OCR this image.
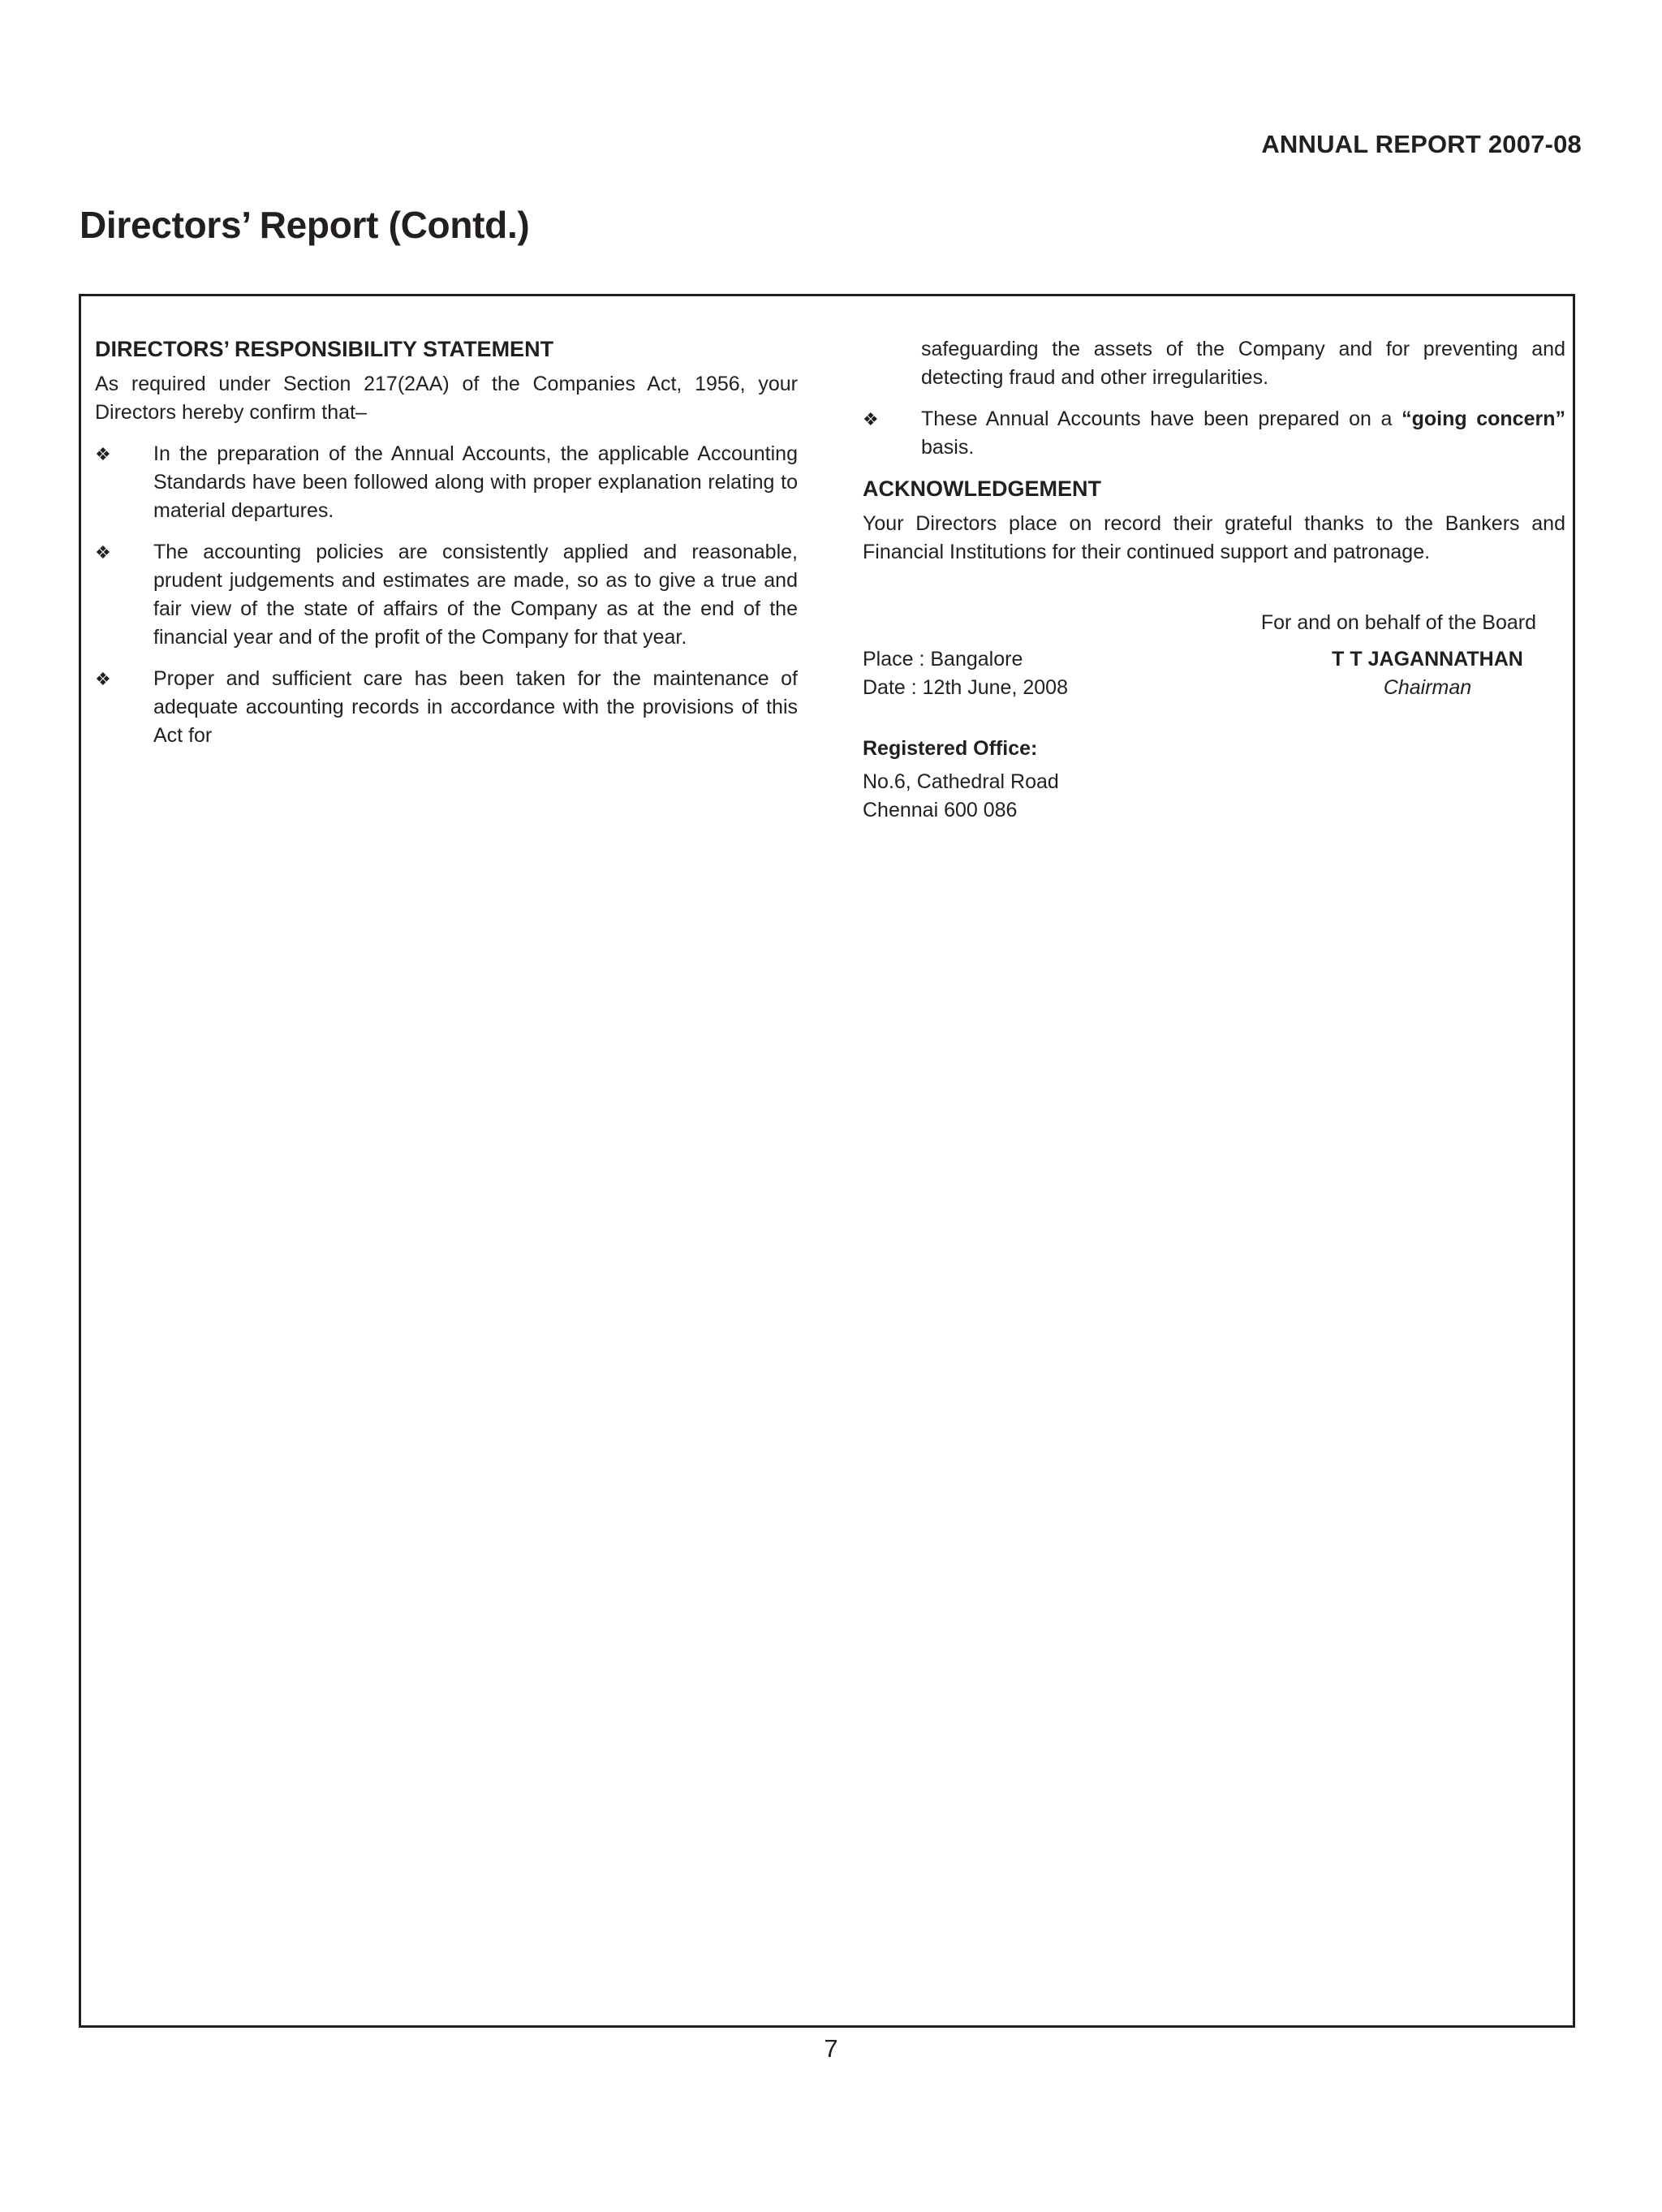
ANNUAL REPORT 2007-08
Directors’ Report (Contd.)
DIRECTORS’ RESPONSIBILITY STATEMENT

As required under Section 217(2AA) of the Companies Act, 1956, your Directors hereby confirm that–

❖	In the preparation of the Annual Accounts, the applicable Accounting Standards have been followed along with proper explanation relating to material departures.
❖	The accounting policies are consistently applied and reasonable, prudent judgements and estimates are made, so as to give a true and fair view of the state of affairs of the Company as at the end of the financial year and of the profit of the Company for that year.
❖	Proper and sufficient care has been taken for the maintenance of adequate accounting records in accordance with the provisions of this Act for
safeguarding the assets of the Company and for preventing and detecting fraud and other irregularities.
❖	These Annual Accounts have been prepared on a “going concern” basis.
ACKNOWLEDGEMENT

Your Directors place on record their grateful thanks to the Bankers and Financial Institutions for their continued support and patronage.

For and on behalf of the Board
Place : Bangalore
Date : 12th June, 2008
T T JAGANNATHAN
Chairman
Registered Office:
No.6, Cathedral Road
Chennai 600 086
7
